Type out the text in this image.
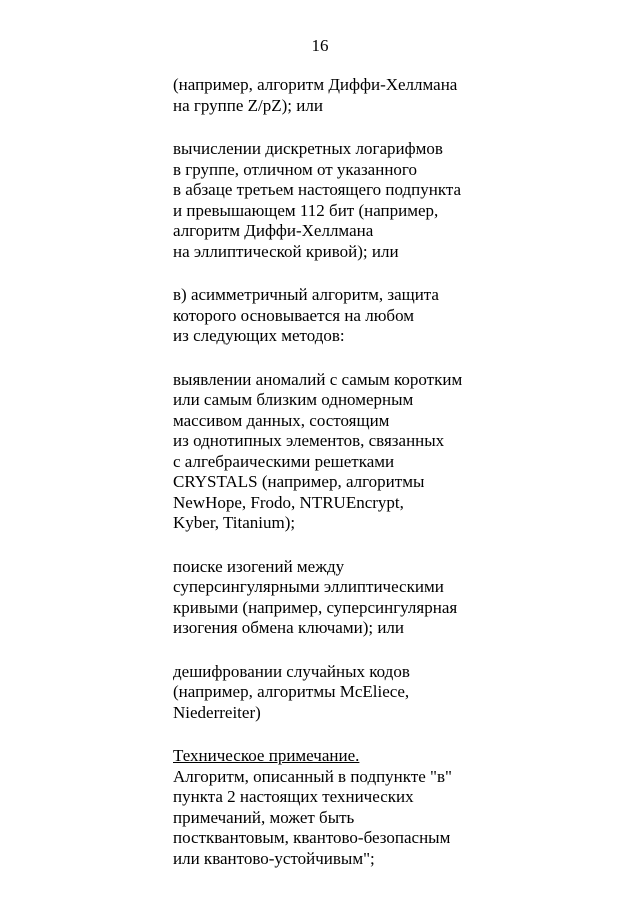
16
(например, алгоритм Диффи-Хеллмана
на группе Z/pZ); или
вычислении дискретных логарифмов
в группе, отличном от указанного
в абзаце третьем настоящего подпункта
и превышающем 112 бит (например,
алгоритм Диффи-Хеллмана
на эллиптической кривой); или
в) асимметричный алгоритм, защита
которого основывается на любом
из следующих методов:
выявлении аномалий с самым коротким
или самым близким одномерным
массивом данных, состоящим
из однотипных элементов, связанных
с алгебраическими решетками
CRYSTALS (например, алгоритмы
NewHope, Frodo, NTRUEncrypt,
Kyber, Titanium);
поиске изогений между
суперсингулярными эллиптическими
кривыми (например, суперсингулярная
изогения обмена ключами); или
дешифровании случайных кодов
(например, алгоритмы McEliece,
Niederreiter)
Техническое примечание.
Алгоритм, описанный в подпункте "в"
пункта 2 настоящих технических
примечаний, может быть
постквантовым, квантово-безопасным
или квантово-устойчивым";
